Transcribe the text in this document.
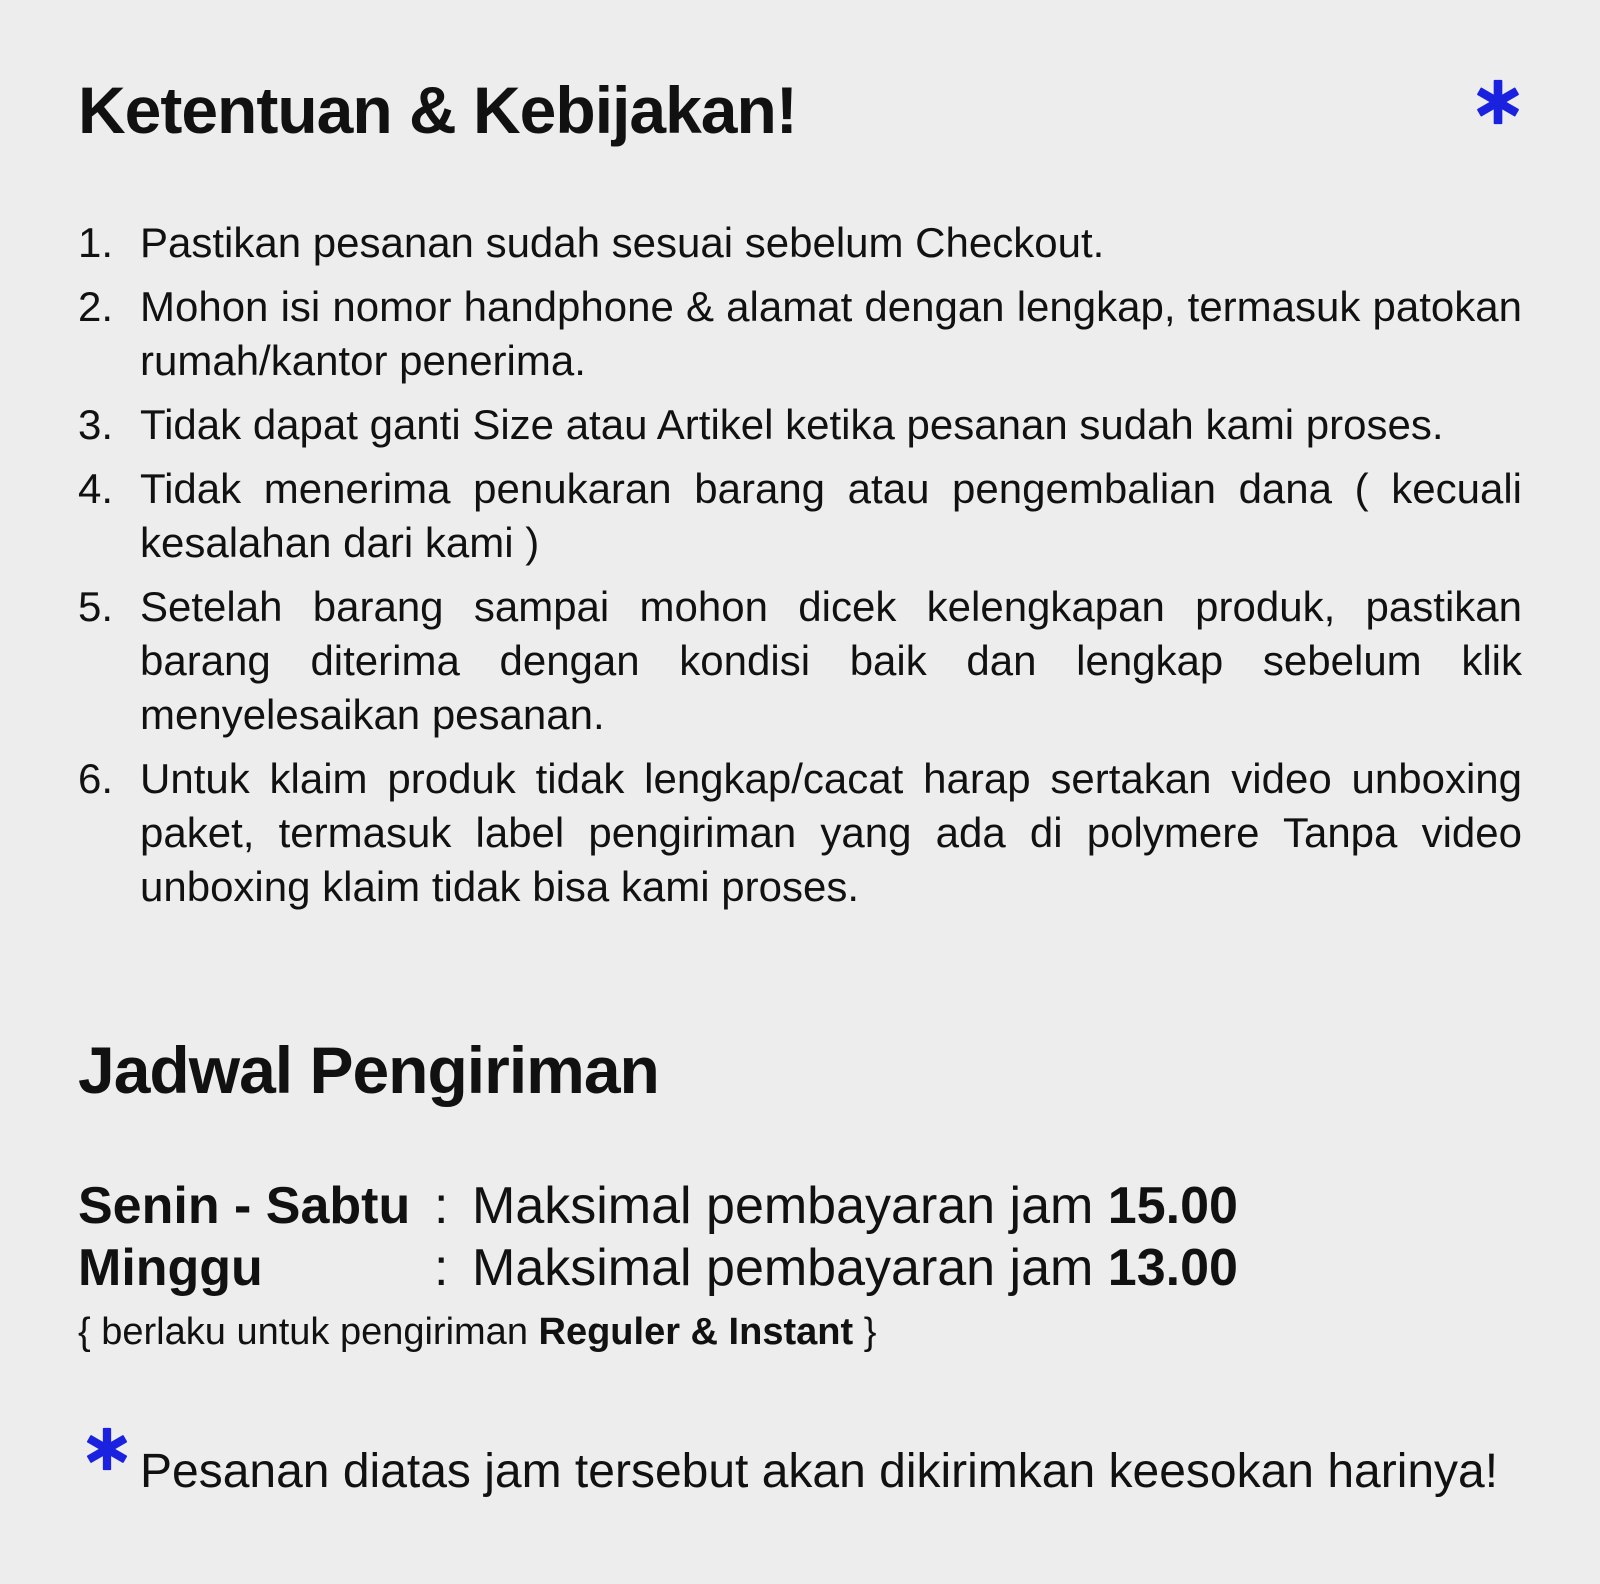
Ketentuan & Kebijakan!
1. Pastikan pesanan sudah sesuai sebelum Checkout.
2. Mohon isi nomor handphone & alamat dengan lengkap, termasuk patokan rumah/kantor penerima.
3. Tidak dapat ganti Size atau Artikel ketika pesanan sudah kami proses.
4. Tidak menerima penukaran barang atau pengembalian dana ( kecuali kesalahan dari kami )
5. Setelah barang sampai mohon dicek kelengkapan produk, pastikan barang diterima dengan kondisi baik dan lengkap sebelum klik menyelesaikan pesanan.
6. Untuk klaim produk tidak lengkap/cacat harap sertakan video unboxing paket, termasuk label pengiriman yang ada di polymere Tanpa video unboxing klaim tidak bisa kami proses.
Jadwal Pengiriman
Senin - Sabtu : Maksimal pembayaran jam 15.00
Minggu	: Maksimal pembayaran jam 13.00
{ berlaku untuk pengiriman Reguler & Instant }
Pesanan diatas jam tersebut akan dikirimkan keesokan harinya!
